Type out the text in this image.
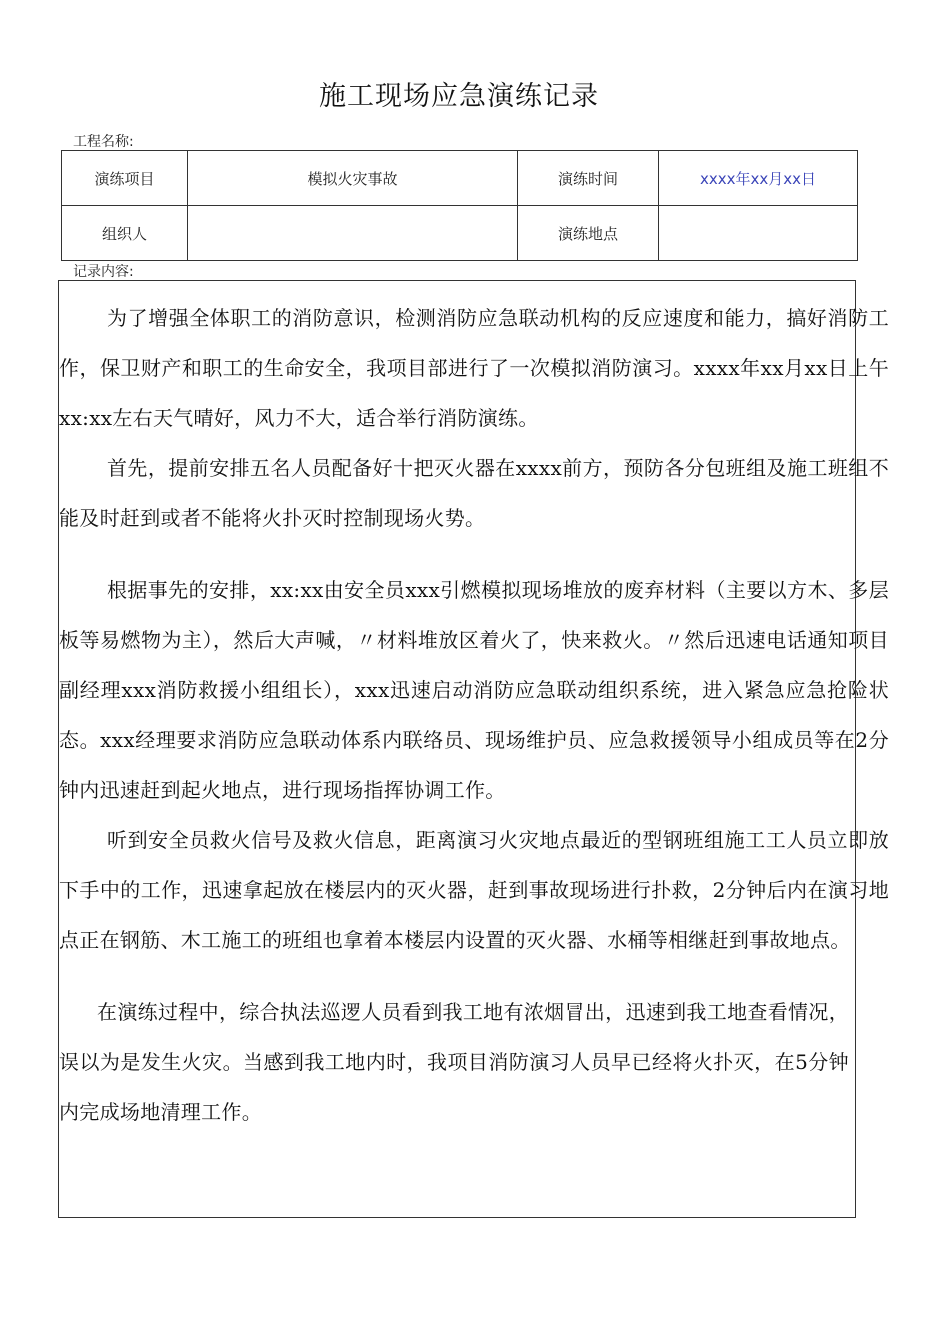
施工现场应急演练记录
工程名称:
演练项目	模拟火灾事故	演练时间	xxxx年xx月xx日
组织人		演练地点	
记录内容:

为了增强全体职工的消防意识，检测消防应急联动机构的反应速度和能力，搞好消防工作，保卫财产和职工的生命安全，我项目部进行了一次模拟消防演习。xxxx年xx月xx日上午xx:xx左右天气晴好，风力不大，适合举行消防演练。

首先，提前安排五名人员配备好十把灭火器在xxxx前方，预防各分包班组及施工班组不能及时赶到或者不能将火扑灭时控制现场火势。

根据事先的安排，xx:xx由安全员xxx引燃模拟现场堆放的废弃材料（主要以方木、多层板等易燃物为主），然后大声喊，〃材料堆放区着火了，快来救火。〃然后迅速电话通知项目副经理xxx消防救援小组组长），xxx迅速启动消防应急联动组织系统，进入紧急应急抢险状态。xxx经理要求消防应急联动体系内联络员、现场维护员、应急救援领导小组成员等在2分钟内迅速赶到起火地点，进行现场指挥协调工作。

听到安全员救火信号及救火信息，距离演习火灾地点最近的型钢班组施工工人员立即放下手中的工作，迅速拿起放在楼层内的灭火器，赶到事故现场进行扑救，2分钟后内在演习地点正在钢筋、木工施工的班组也拿着本楼层内设置的灭火器、水桶等相继赶到事故地点。

在演练过程中，综合执法巡逻人员看到我工地有浓烟冒出，迅速到我工地查看情况，误以为是发生火灾。当感到我工地内时，我项目消防演习人员早已经将火扑灭，在5分钟内完成场地清理工作。
